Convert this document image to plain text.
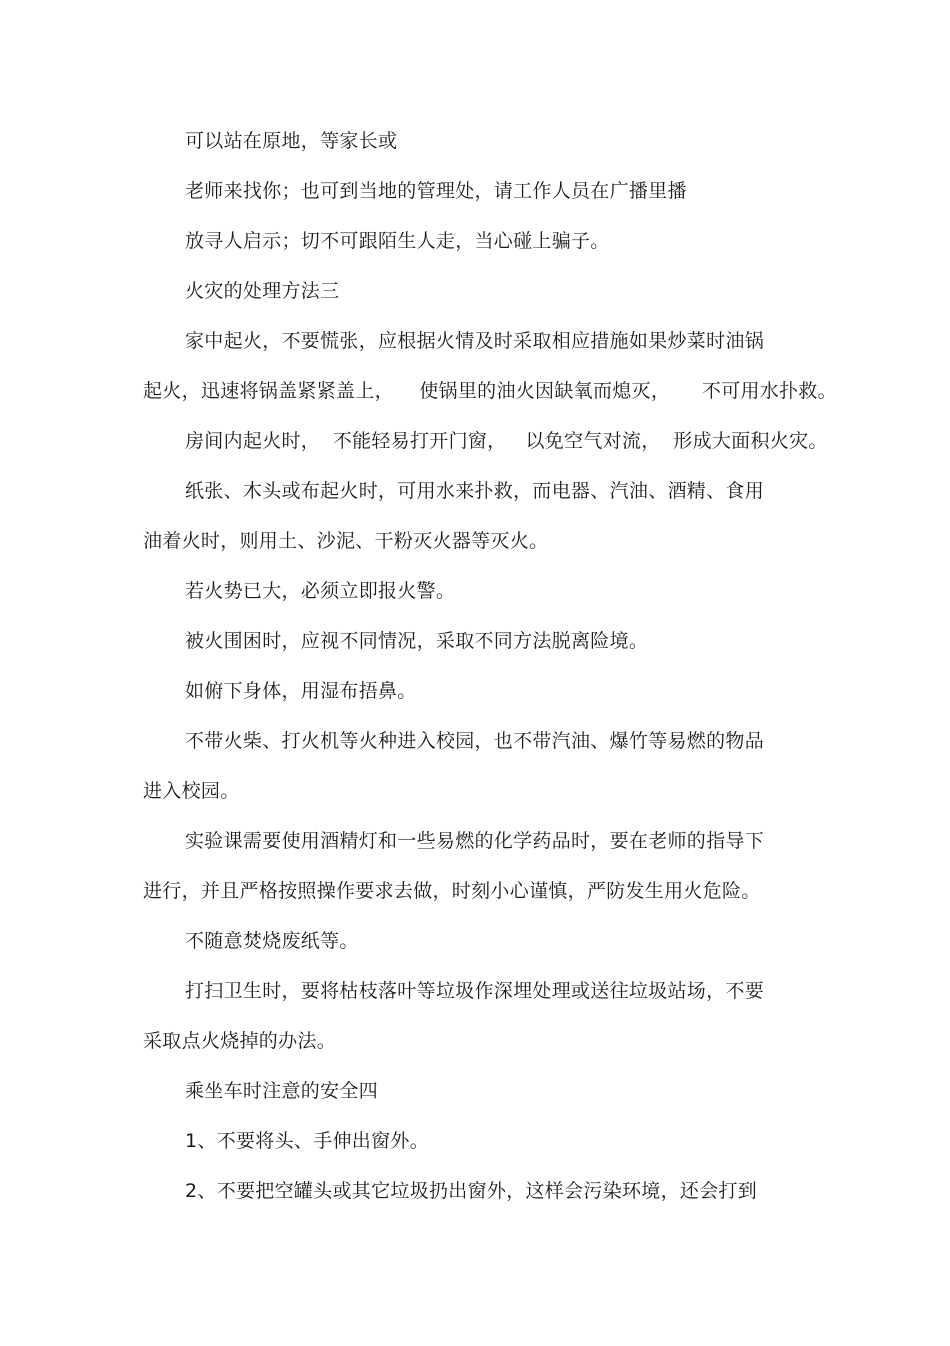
可以站在原地，等家长或
老师来找你；也可到当地的管理处，请工作人员在广播里播
放寻人启示；切不可跟陌生人走，当心碰上骗子。
火灾的处理方法三
家中起火，不要慌张，应根据火情及时采取相应措施如果炒菜时油锅
起火，迅速将锅盖紧紧盖上，    使锅里的油火因缺氧而熄灭，     不可用水扑救。
房间内起火时，  不能轻易打开门窗，   以免空气对流，  形成大面积火灾。
纸张、木头或布起火时，可用水来扑救，而电器、汽油、酒精、食用
油着火时，则用土、沙泥、干粉灭火器等灭火。
若火势已大，必须立即报火警。
被火围困时，应视不同情况，采取不同方法脱离险境。
如俯下身体，用湿布捂鼻。
不带火柴、打火机等火种进入校园，也不带汽油、爆竹等易燃的物品
进入校园。
实验课需要使用酒精灯和一些易燃的化学药品时，要在老师的指导下
进行，并且严格按照操作要求去做，时刻小心谨慎，严防发生用火危险。
不随意焚烧废纸等。
打扫卫生时，要将枯枝落叶等垃圾作深埋处理或送往垃圾站场，不要
采取点火烧掉的办法。
乘坐车时注意的安全四
1、不要将头、手伸出窗外。
2、不要把空罐头或其它垃圾扔出窗外，这样会污染环境，还会打到
